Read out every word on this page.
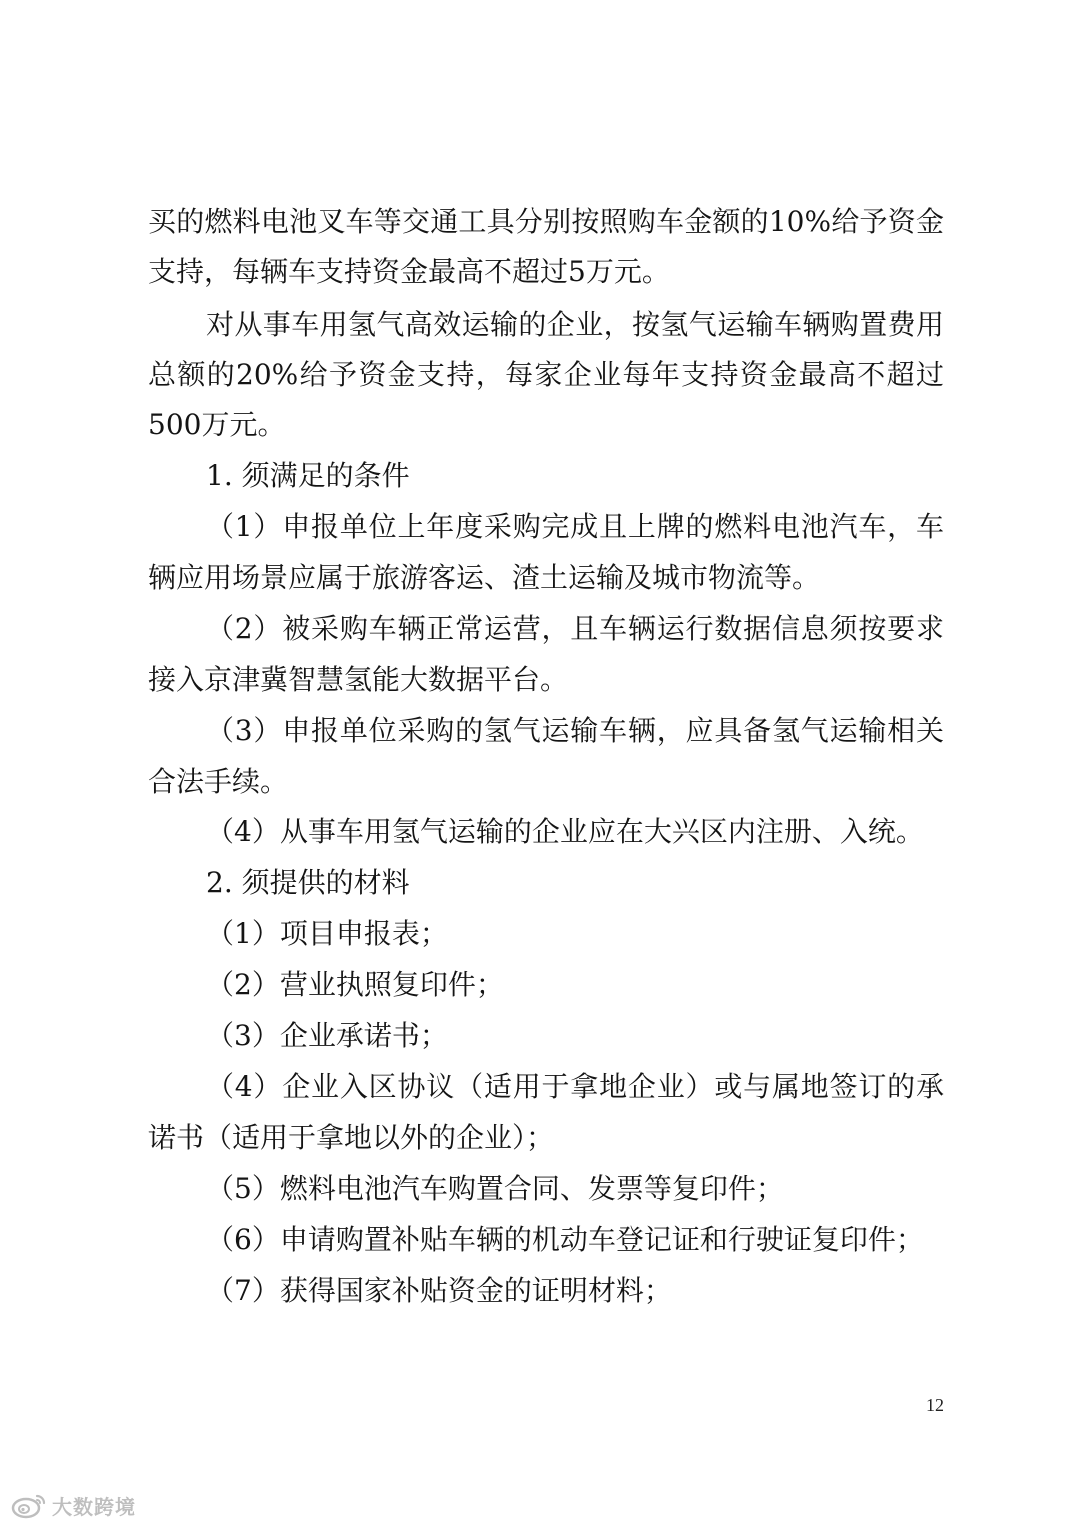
买的燃料电池叉车等交通工具分别按照购车金额的10%给予资金
支持，每辆车支持资金最高不超过5万元。
对从事车用氢气高效运输的企业，按氢气运输车辆购置费用
总额的20%给予资金支持，每家企业每年支持资金最高不超过
500万元。
1. 须满足的条件
（1）申报单位上年度采购完成且上牌的燃料电池汽车，车
辆应用场景应属于旅游客运、渣土运输及城市物流等。
（2）被采购车辆正常运营，且车辆运行数据信息须按要求
接入京津冀智慧氢能大数据平台。
（3）申报单位采购的氢气运输车辆，应具备氢气运输相关
合法手续。
（4）从事车用氢气运输的企业应在大兴区内注册、入统。
2. 须提供的材料
（1）项目申报表；
（2）营业执照复印件；
（3）企业承诺书；
（4）企业入区协议（适用于拿地企业）或与属地签订的承
诺书（适用于拿地以外的企业）；
（5）燃料电池汽车购置合同、发票等复印件；
（6）申请购置补贴车辆的机动车登记证和行驶证复印件；
（7）获得国家补贴资金的证明材料；
12
大数跨境
